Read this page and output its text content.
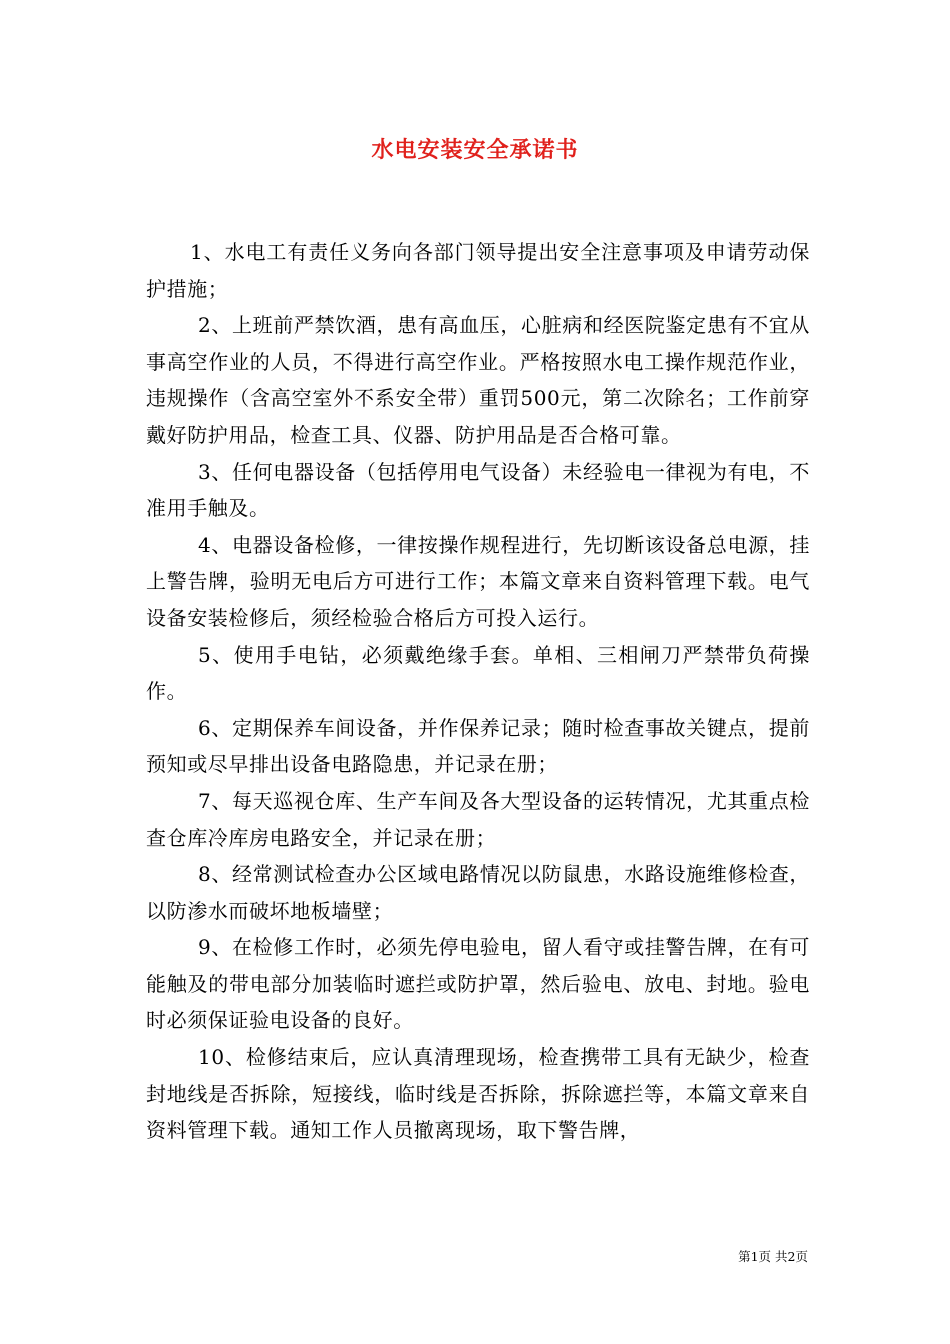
水电安装安全承诺书

1、水电工有责任义务向各部门领导提出安全注意事项及申请劳动保护措施；

2、上班前严禁饮酒，患有高血压，心脏病和经医院鉴定患有不宜从事高空作业的人员，不得进行高空作业。严格按照水电工操作规范作业，违规操作（含高空室外不系安全带）重罚500元，第二次除名；工作前穿戴好防护用品，检查工具、仪器、防护用品是否合格可靠。

3、任何电器设备（包括停用电气设备）未经验电一律视为有电，不准用手触及。

4、电器设备检修，一律按操作规程进行，先切断该设备总电源，挂上警告牌，验明无电后方可进行工作；本篇文章来自资料管理下载。电气设备安装检修后，须经检验合格后方可投入运行。

5、使用手电钻，必须戴绝缘手套。单相、三相闸刀严禁带负荷操作。

6、定期保养车间设备，并作保养记录；随时检查事故关键点，提前预知或尽早排出设备电路隐患，并记录在册；

7、每天巡视仓库、生产车间及各大型设备的运转情况，尤其重点检查仓库冷库房电路安全，并记录在册；

8、经常测试检查办公区域电路情况以防鼠患，水路设施维修检查，以防渗水而破坏地板墙壁；

9、在检修工作时，必须先停电验电，留人看守或挂警告牌，在有可能触及的带电部分加装临时遮拦或防护罩，然后验电、放电、封地。验电时必须保证验电设备的良好。

10、检修结束后，应认真清理现场，检查携带工具有无缺少，检查封地线是否拆除，短接线，临时线是否拆除，拆除遮拦等，本篇文章来自资料管理下载。通知工作人员撤离现场，取下警告牌，

第1页 共2页
